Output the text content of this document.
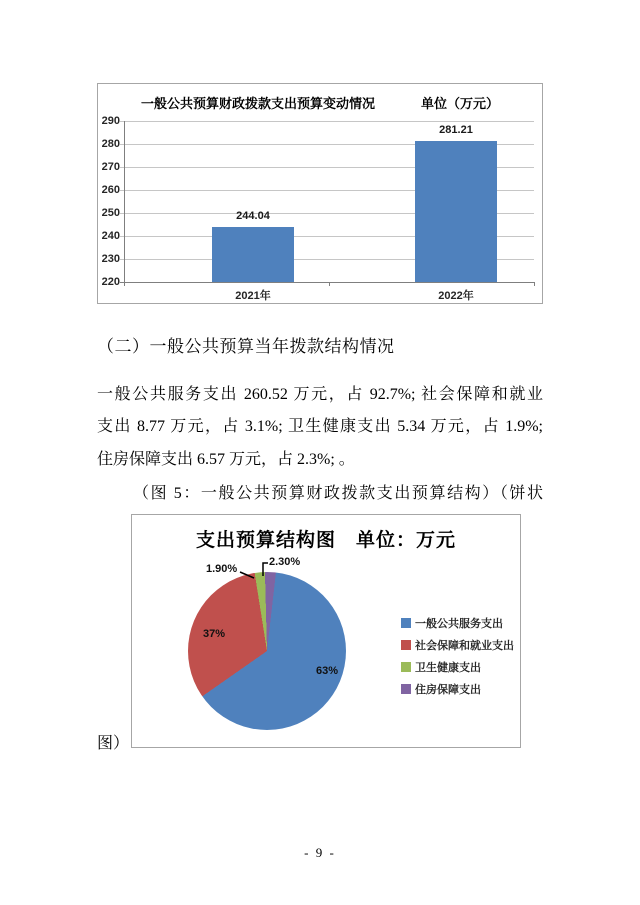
一般公共预算财政拨款支出预算变动情况	单位（万元）
290
280
270
260
250
240
230
220
244.04
281.21
2021年	2022年
（二）一般公共预算当年拨款结构情况
一般公共服务支出 260.52 万元，占 92.7%; 社会保障和就业
支出 8.77 万元，占 3.1%; 卫生健康支出 5.34 万元，占 1.9%;
住房保障支出 6.57 万元，占 2.3%; 。
（图 5：一般公共预算财政拨款支出预算结构）（饼状
图）
支出预算结构图　单位：万元
63%
37%
1.90%
2.30%
一般公共服务支出
社会保障和就业支出
卫生健康支出
住房保障支出
- 9 -
